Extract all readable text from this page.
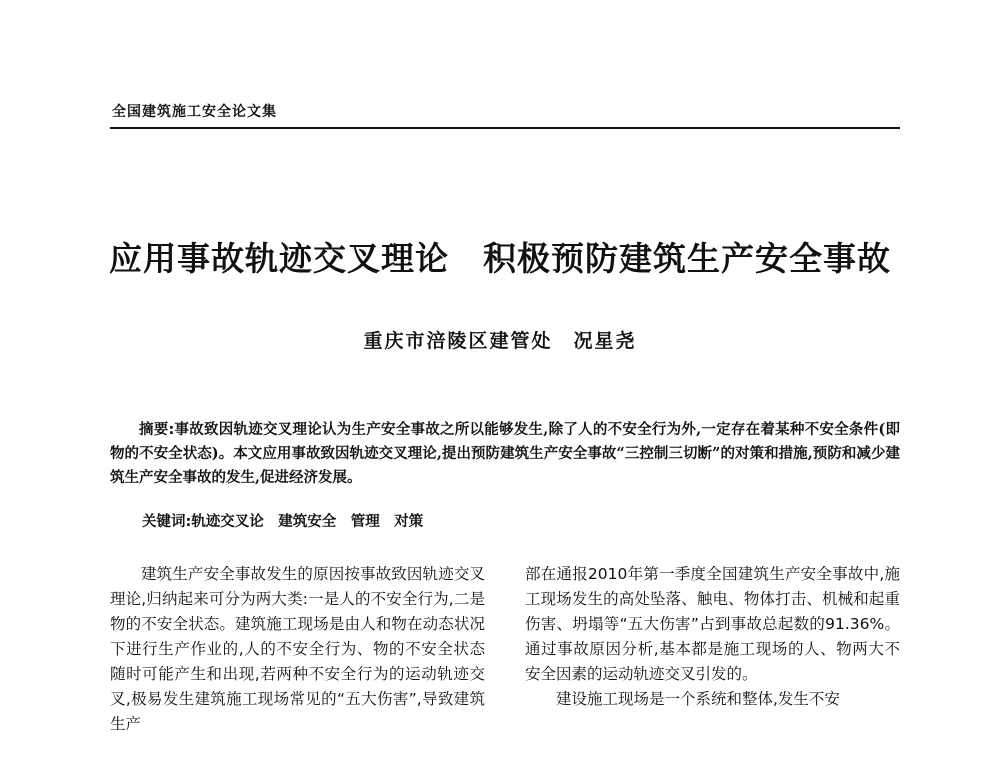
全国建筑施工安全论文集
应用事故轨迹交叉理论　积极预防建筑生产安全事故
重庆市涪陵区建管处　况星尧

摘要:事故致因轨迹交叉理论认为生产安全事故之所以能够发生,除了人的不安全行为外,一定存在着某种不安全条件(即物的不安全状态)。本文应用事故致因轨迹交叉理论,提出预防建筑生产安全事故“三控制三切断”的对策和措施,预防和减少建筑生产安全事故的发生,促进经济发展。

关键词:轨迹交叉论　建筑安全　管理　对策

建筑生产安全事故发生的原因按事故致因轨迹交叉理论,归纳起来可分为两大类:一是人的不安全行为,二是物的不安全状态。建筑施工现场是由人和物在动态状况下进行生产作业的,人的不安全行为、物的不安全状态随时可能产生和出现,若两种不安全行为的运动轨迹交叉,极易发生建筑施工现场常见的“五大伤害”,导致建筑生产

部在通报2010年第一季度全国建筑生产安全事故中,施工现场发生的高处坠落、触电、物体打击、机械和起重伤害、坍塌等“五大伤害”占到事故总起数的91.36%。通过事故原因分析,基本都是施工现场的人、物两大不安全因素的运动轨迹交叉引发的。

建设施工现场是一个系统和整体,发生不安
